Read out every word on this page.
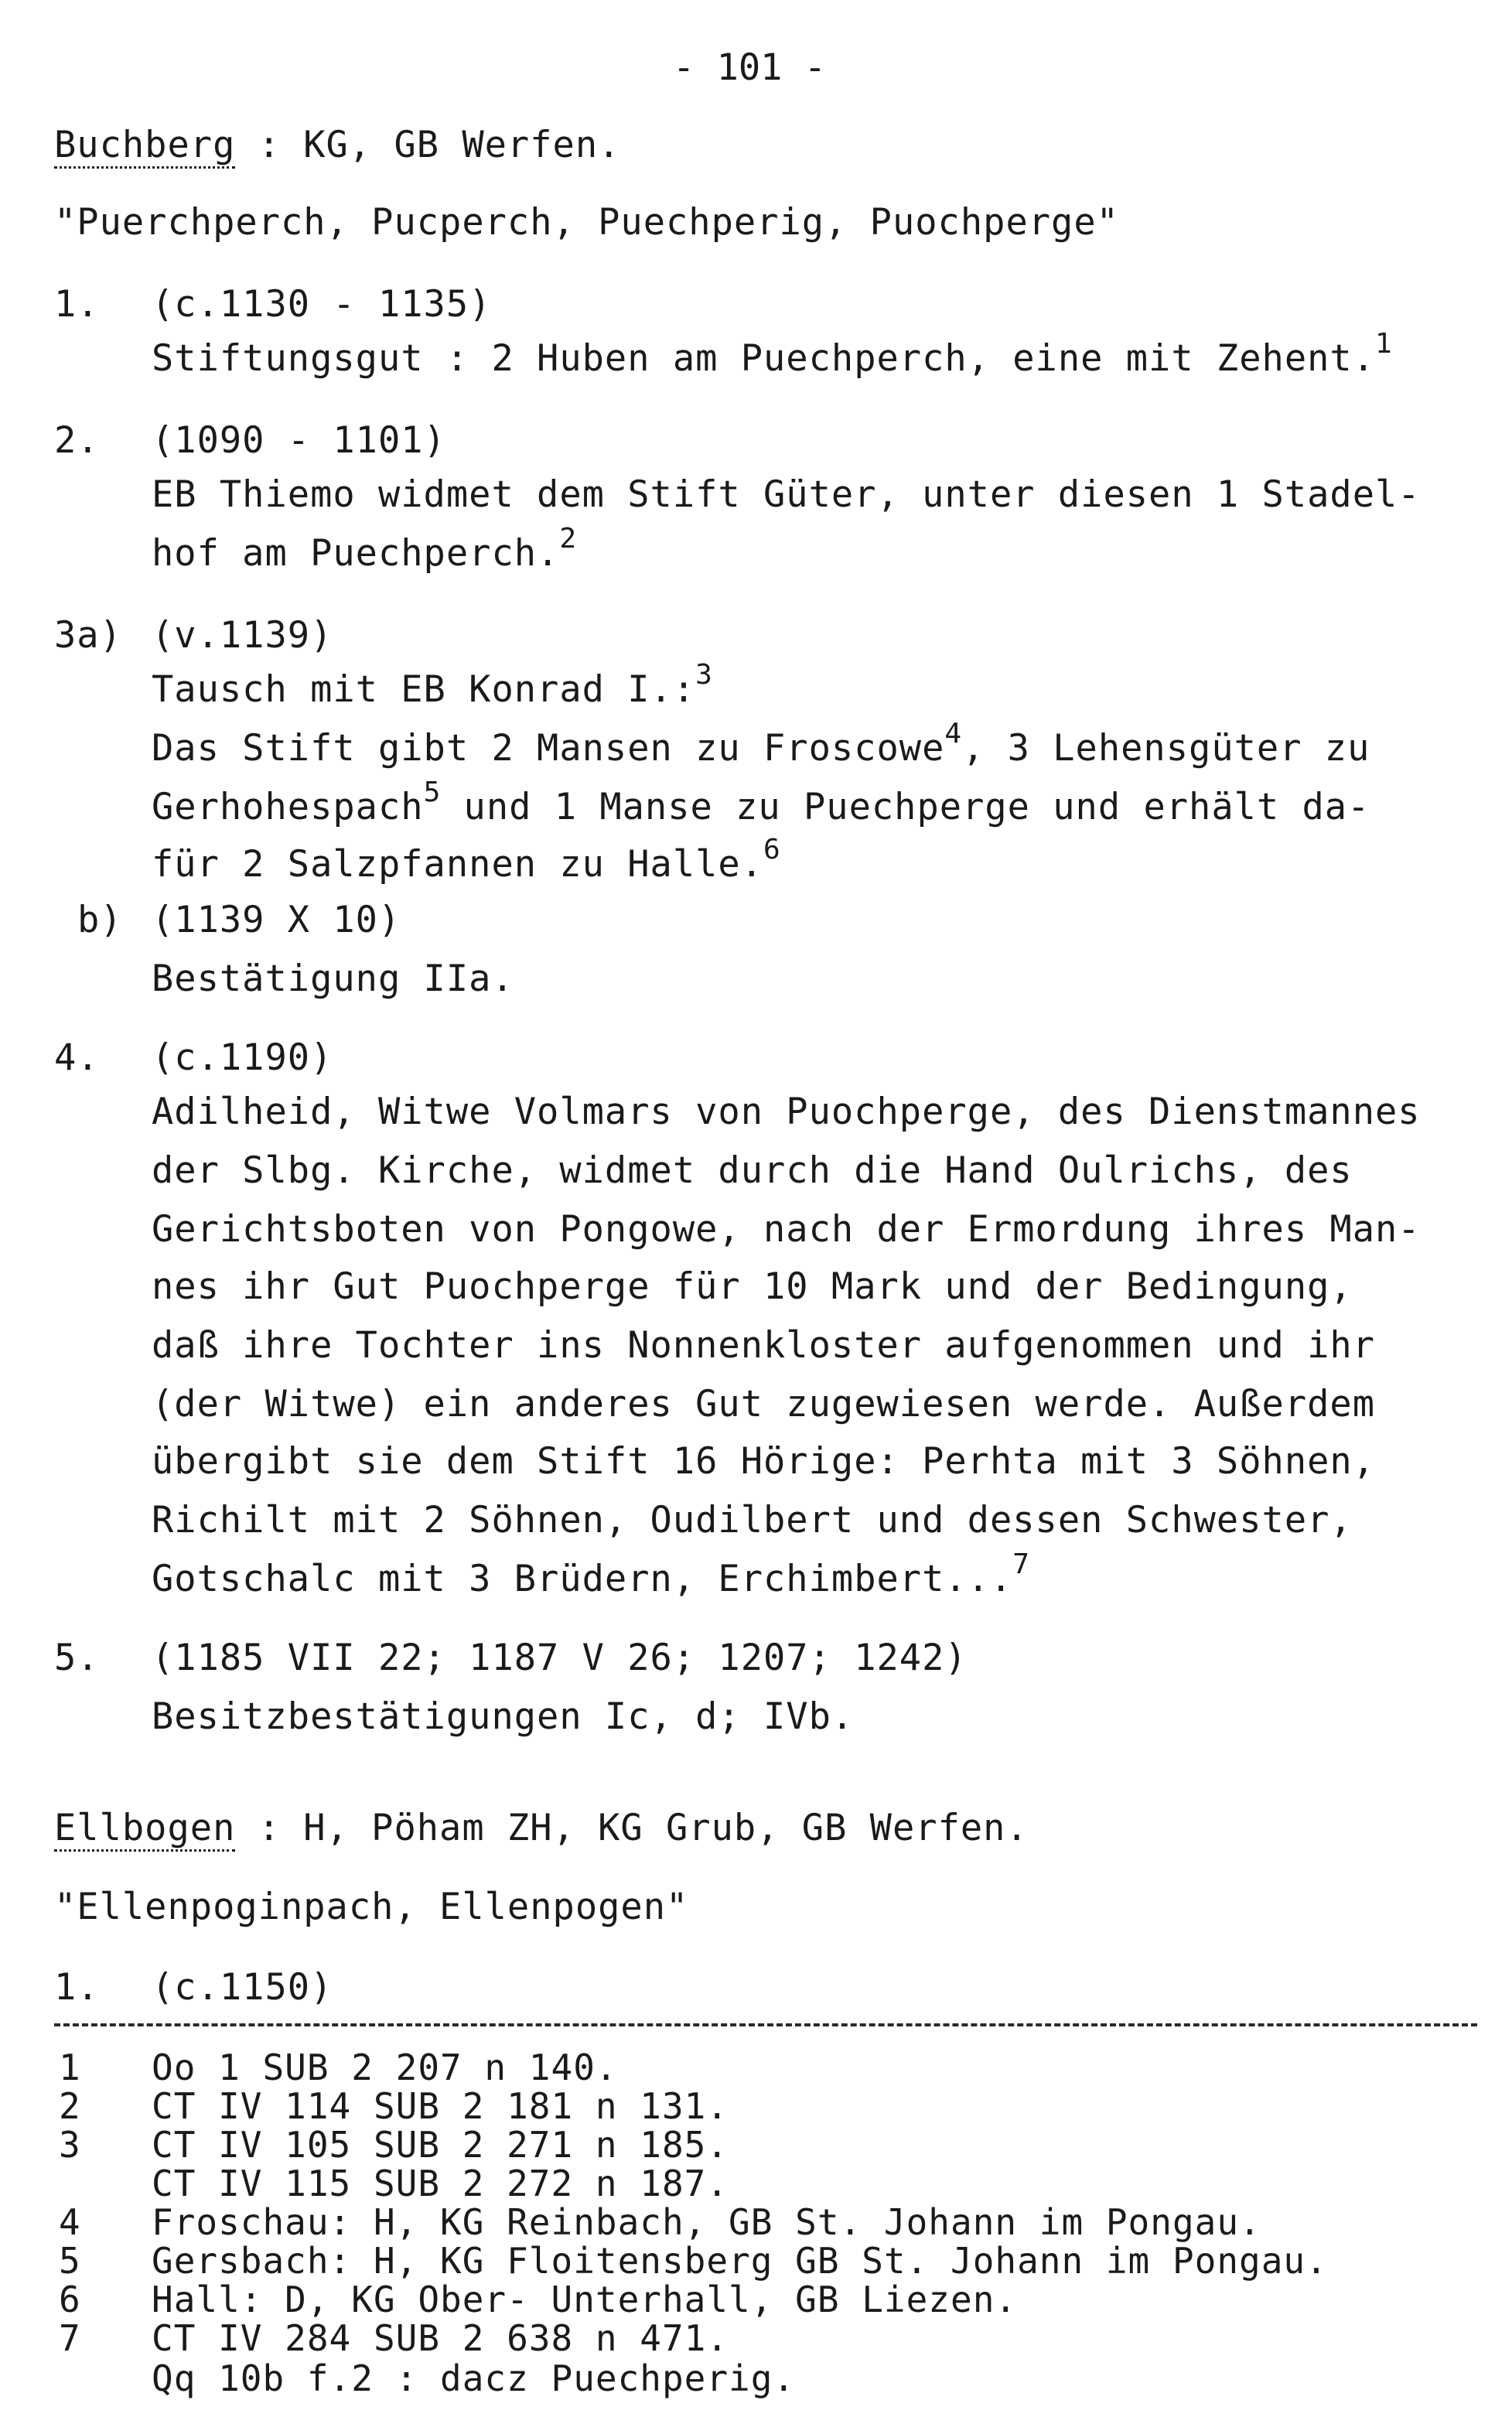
- 101 -
Buchberg : KG, GB Werfen.
"Puerchperch, Pucperch, Puechperig, Puochperge"
1. (c.1130 - 1135)
Stiftungsgut : 2 Huben am Puechperch, eine mit Zehent.$^1$
2. (1090 - 1101)
EB Thiemo widmet dem Stift Güter, unter diesen 1 Stadel-
hof am Puechperch.$^2$
3a) (v.1139)
Tausch mit EB Konrad I.:$^3$
Das Stift gibt 2 Mansen zu Froscowe$^4$, 3 Lehensgüter zu
Gerhohespach$^5$ und 1 Manse zu Puechperge und erhält da-
für 2 Salzpfannen zu Halle.$^6$
b) (1139 X 10)
Bestätigung IIa.
4. (c.1190)
Adilheid, Witwe Volmars von Puochperge, des Dienstmannes
der Slbg. Kirche, widmet durch die Hand Oulrichs, des
Gerichtsboten von Pongowe, nach der Ermordung ihres Man-
nes ihr Gut Puochperge für 10 Mark und der Bedingung,
daß ihre Tochter ins Nonnenkloster aufgenommen und ihr
(der Witwe) ein anderes Gut zugewiesen werde. Außerdem
übergibt sie dem Stift 16 Hörige: Perhta mit 3 Söhnen,
Richilt mit 2 Söhnen, Oudilbert und dessen Schwester,
Gotschalc mit 3 Brüdern, Erchimbert...$^7$
5. (1185 VII 22; 1187 V 26; 1207; 1242)
Besitzbestätigungen Ic, d; IVb.
Ellbogen : H, Pöham ZH, KG Grub, GB Werfen.
"Ellenpoginpach, Ellenpogen"
1. (c.1150)
1 Oo 1 SUB 2 207 n 140.
2 CT IV 114 SUB 2 181 n 131.
3 CT IV 105 SUB 2 271 n 185.
CT IV 115 SUB 2 272 n 187.
4 Froschau: H, KG Reinbach, GB St. Johann im Pongau.
5 Gersbach: H, KG Floitensberg GB St. Johann im Pongau.
6 Hall: D, KG Ober- Unterhall, GB Liezen.
7 CT IV 284 SUB 2 638 n 471.
Qq 10b f.2 : dacz Puechperig.
